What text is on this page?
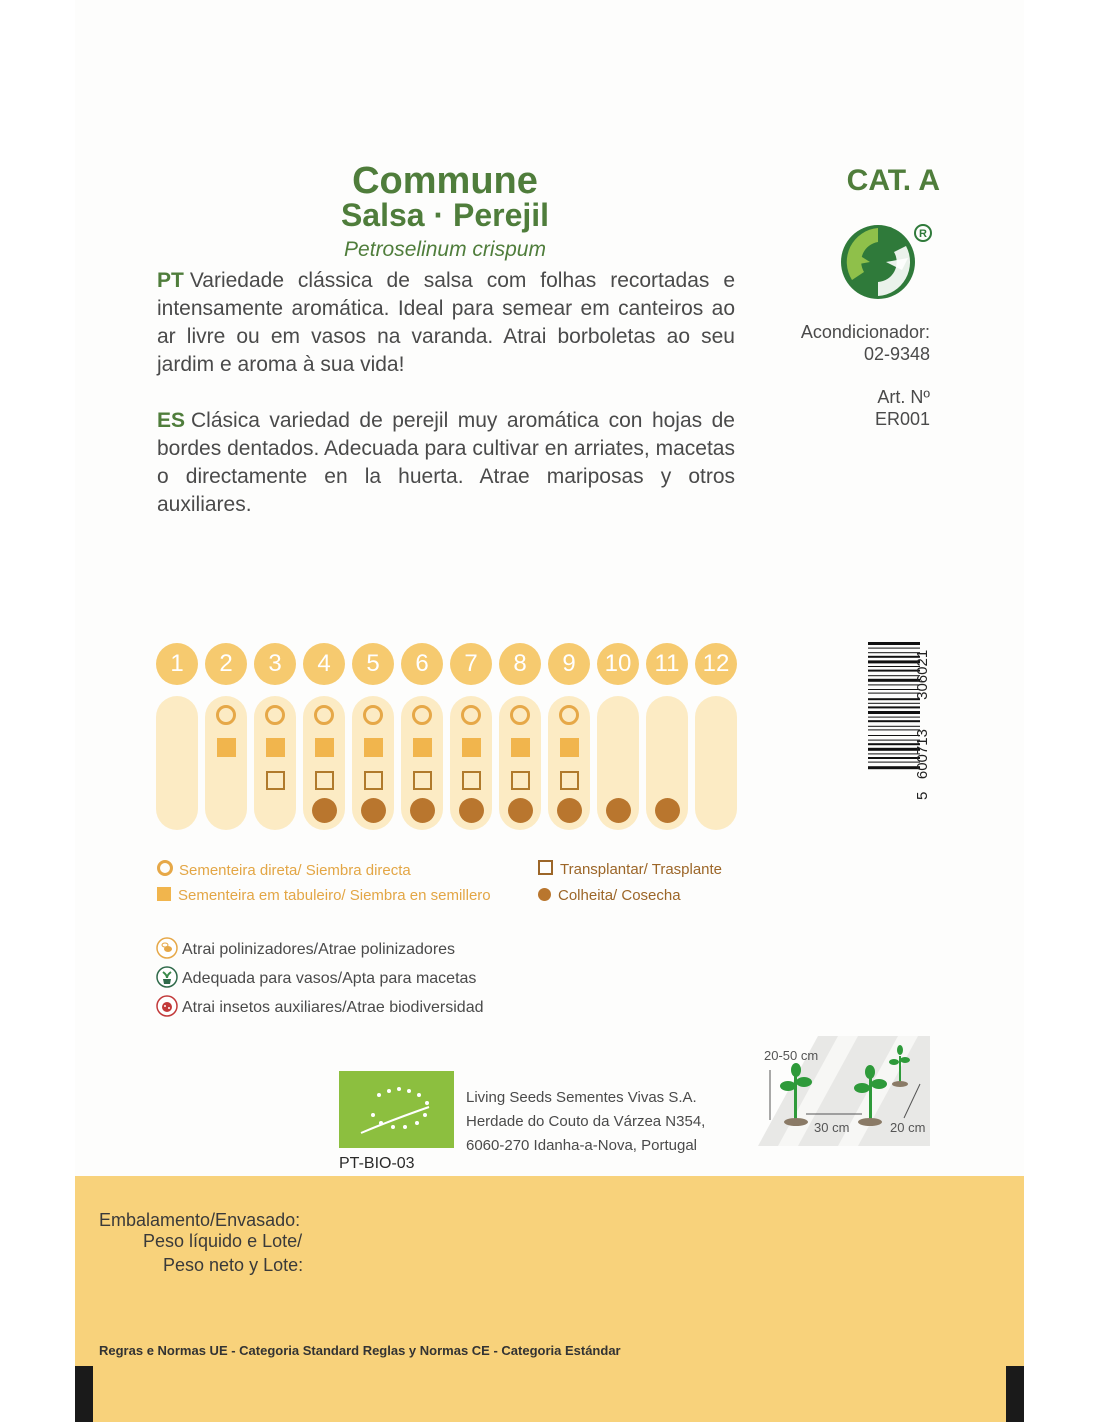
Commune
Salsa · Perejil
Petroselinum crispum
CAT. A
R
PT Variedade clássica de salsa com folhas recortadas e intensamente aromática. Ideal para semear em canteiros ao ar livre ou em vasos na varanda. Atrai borboletas ao seu jardim e aroma à sua vida!
ES Clásica variedad de perejil muy aromática con hojas de bordes dentados. Adecuada para cultivar en arriates, macetas o directamente en la huerta. Atrae mariposas y otros auxiliares.
Acondicionador:
02-9348
Art. Nº
ER001
5   600713       306021
1	2	3	4	5	6	7	8	9	10 11 12
Sementeira direta/ Siembra directa
Sementeira em tabuleiro/ Siembra en semillero
Transplantar/ Trasplante
Colheita/ Cosecha
Atrai polinizadores/Atrae polinizadores
Adequada para vasos/Apta para macetas
Atrai insetos auxiliares/Atrae biodiversidad
PT-BIO-03
Living Seeds Sementes Vivas S.A.
Herdade do Couto da Várzea N354,
6060-270 Idanha-a-Nova, Portugal
20-50 cm
30 cm	20 cm
Embalamento/Envasado:
Peso líquido e Lote/
Peso neto y Lote:
Regras e Normas UE - Categoria Standard Reglas y Normas CE - Categoria Estándar
